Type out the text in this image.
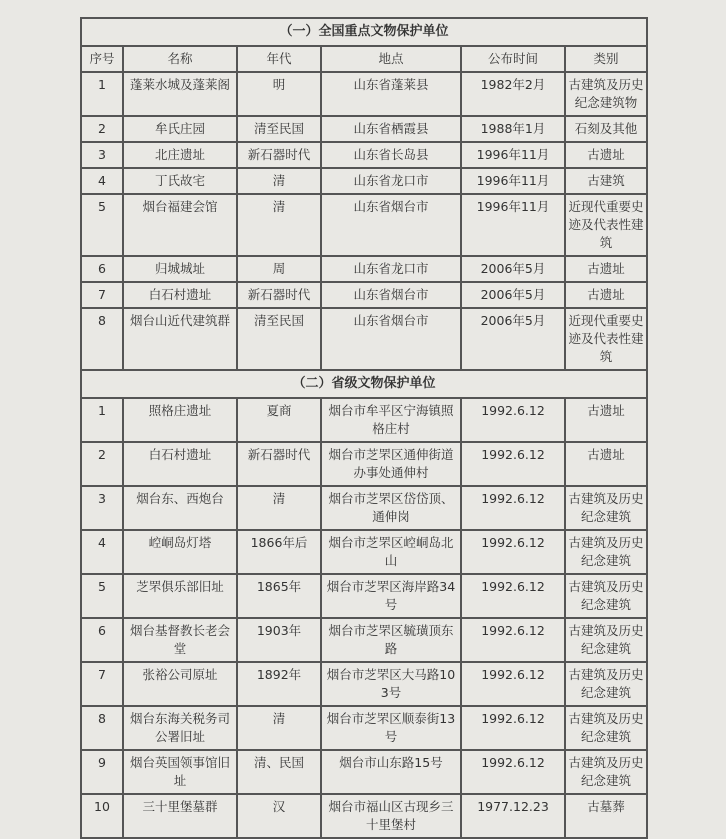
（一）全国重点文物保护单位					
序号	名称	年代	地点	公布时间	类别
1	蓬莱水城及蓬莱阁	明	山东省蓬莱县	1982年2月	古建筑及历史纪念建筑物
2	牟氏庄园	清至民国	山东省栖霞县	1988年1月	石刻及其他
3	北庄遗址	新石器时代	山东省长岛县	1996年11月	古遗址
4	丁氏故宅	清	山东省龙口市	1996年11月	古建筑
5	烟台福建会馆	清	山东省烟台市	1996年11月	近现代重要史迹及代表性建筑
6	归城城址	周	山东省龙口市	2006年5月	古遗址
7	白石村遗址	新石器时代	山东省烟台市	2006年5月	古遗址
8	烟台山近代建筑群	清至民国	山东省烟台市	2006年5月	近现代重要史迹及代表性建筑
（二）省级文物保护单位					
1	照格庄遗址	夏商	烟台市牟平区宁海镇照格庄村	1992.6.12	古遗址
2	白石村遗址	新石器时代	烟台市芝罘区通伸街道办事处通伸村	1992.6.12	古遗址
3	烟台东、西炮台	清	烟台市芝罘区岱岱顶、通伸岗	1992.6.12	古建筑及历史纪念建筑
4	崆峒岛灯塔	1866年后	烟台市芝罘区崆峒岛北山	1992.6.12	古建筑及历史纪念建筑
5	芝罘俱乐部旧址	1865年	烟台市芝罘区海岸路34号	1992.6.12	古建筑及历史纪念建筑
6	烟台基督教长老会堂	1903年	烟台市芝罘区毓璜顶东路	1992.6.12	古建筑及历史纪念建筑
7	张裕公司原址	1892年	烟台市芝罘区大马路103号	1992.6.12	古建筑及历史纪念建筑
8	烟台东海关税务司公署旧址	清	烟台市芝罘区顺泰街13号	1992.6.12	古建筑及历史纪念建筑
9	烟台英国领事馆旧址	清、民国	烟台市山东路15号	1992.6.12	古建筑及历史纪念建筑
10	三十里堡墓群	汉	烟台市福山区古现乡三十里堡村	1977.12.23	古墓葬
